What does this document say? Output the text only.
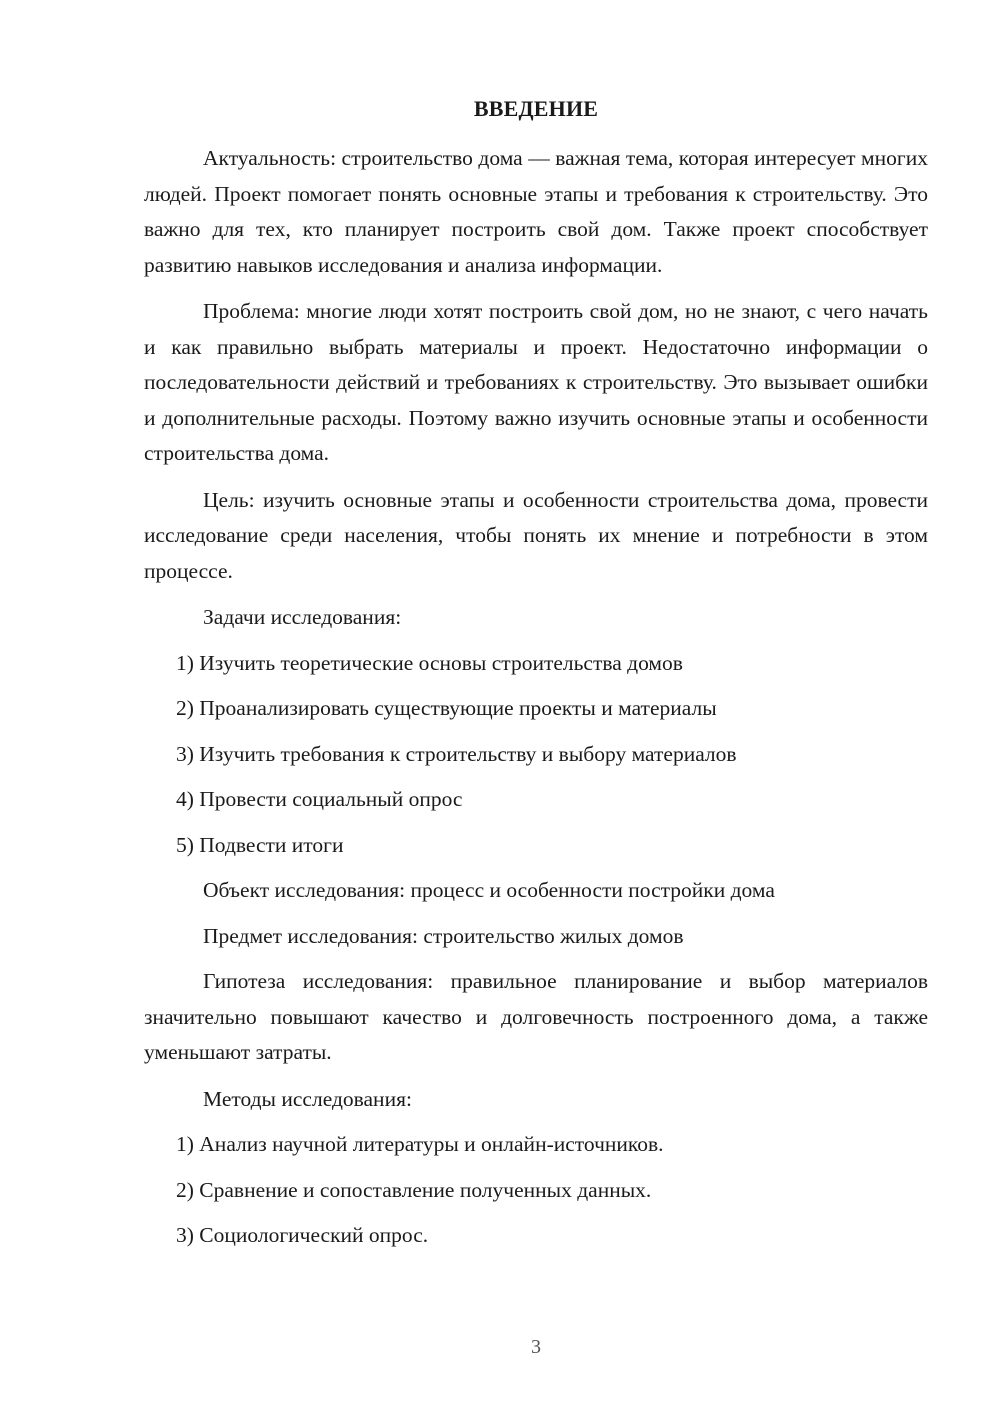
ВВЕДЕНИЕ

Актуальность: строительство дома — важная тема, которая интересует многих людей. Проект помогает понять основные этапы и требования к строительству. Это важно для тех, кто планирует построить свой дом. Также проект способствует развитию навыков исследования и анализа информации.

Проблема: многие люди хотят построить свой дом, но не знают, с чего начать и как правильно выбрать материалы и проект. Недостаточно информации о последовательности действий и требованиях к строительству. Это вызывает ошибки и дополнительные расходы. Поэтому важно изучить основные этапы и особенности строительства дома.

Цель: изучить основные этапы и особенности строительства дома, провести исследование среди населения, чтобы понять их мнение и потребности в этом процессе.

Задачи исследования:

1) Изучить теоретические основы строительства домов

2) Проанализировать существующие проекты и материалы

3) Изучить требования к строительству и выбору материалов

4) Провести социальный опрос

5) Подвести итоги

Объект исследования: процесс и особенности постройки дома

Предмет исследования: строительство жилых домов

Гипотеза исследования: правильное планирование и выбор материалов значительно повышают качество и долговечность построенного дома, а также уменьшают затраты.

Методы исследования:

1) Анализ научной литературы и онлайн-источников.

2) Сравнение и сопоставление полученных данных.

3) Социологический опрос.

3
